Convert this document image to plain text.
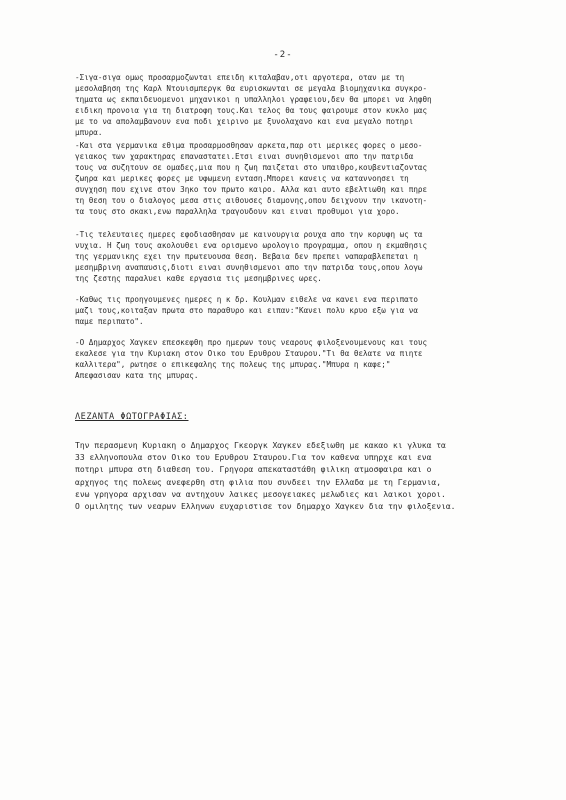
-2-
-Σιγα-σιγα ομως προσαρμοζωνται επειδη κιταλαβαν,οτι αργοτερα, οταν με τη
μεσολαβηση της Καρλ Ντουισμπεργκ θα ευρισκωνται σε μεγαλα βιομηχανικα συγκρο-
τηματα ως εκπαιδευομενοι μηχανικοι η υπαλληλοι γραφειου,δεν θα μπορει να ληφθη
ειδικη προνοια για τη διατροφη τους.Και τελος θα τους φαιρουμε στον κυκλο μας
με το να απολαμβανουν ενα ποδι χειρινο με ξυνολαχανο και ενα μεγαλο ποτηρι
μπυρα.
-Και στα γερμανικα εθιμα προσαρμοσθησαν αρκετα,παρ οτι μερικες φορες ο μεσο-
γειακος των χαρακτηρας επαναστατει.Ετσι ειναι συνηθισμενοι απο την πατριδα
τους να συζητουν σε ομαδες,μια που η ζωη παιζεται στο υπαιθρο,κουβεντιαζοντας
ζωηρα και μερικες φορες με υφωμενη ενταση.Μπορει κανεις να καταννοησει τη
συγχηση που εχινε στον 3ηκο τον πρωτο καιρο. Αλλα και αυτο εβελτιωθη και πηρε
τη θεση του ο διαλογος μεσα στις αιθουσες διαμονης,οπου δειχνουν την ικανοτη-
τα τους στο σκακι,ενω παραλληλα τραγουδουν και ειναι προθυμοι για χορο.
-Τις τελευταιες ημερες εφοδιασθησαν με καινουργια ρουχα απο την κορυφη ως τα
νυχια. Η ζωη τους ακολουθει ενα ορισμενο ωρολογιο προγραμμα, οπου η εκμαθησις
της γερμανικης εχει την πρωτευουσα θεση. Βεβαια δεν πρεπει ναπαραβλεπεται η
μεσημβρινη αναπαυσις,διοτι ειναι συνηθισμενοι απο την πατριδα τους,οπου λογω
της ζεστης παραλυει καθε εργασια τις μεσημβρινες ωρες.
-Καθως τις προηγουμενες ημερες η κ δρ. Κουλμαν ειθελε να κανει ενα περιπατο
μαζι τους,κοιταξαν πρωτα στο παραθυρο και ειπαν:"Κανει πολυ κρυο εξω για να
παμε περιπατο".
-Ο Δημαρχος Χαγκεν επεσκεφθη προ ημερων τους νεαρους φιλοξενουμενους και τους
εκαλεσε για την Κυριακη στον Οικο του Ερυθρου Σταυρου."Τι θα θελατε να πιητε
καλλιτερα", ρωτησε ο επικεφαλης της πολεως της μπυρας."Μπυρα η καφε;"
Απεφασισαν κατα της μπυρας.
ΛΕΖΑΝΤΑ ΦΩΤΟΓΡΑΦΙΑΣ:
Την περασμενη Κυριακη ο Δημαρχος Γκεοργκ Χαγκεν εδεξιωθη με κακαο κι γλυκα τα
33 ελληνοπουλα στον Οικο του Ερυθρου Σταυρου.Για τον καθενα υπηρχε και ενα
ποτηρι μπυρα στη διαθεση του. Γρηγορα απεκαταστάθη φιλικη ατμοσφαιρα και ο
αρχηγος της πολεως ανεφερθη στη φιλια που συνδεει την Ελλαδα με τη Γερμανια,
ενω γρηγορα αρχισαν να αντηχουν λαικες μεσογειακες μελωδιες και λαικοι χοροι.
Ο ομιλητης των νεαρων Ελληνων ευχαριστισε τον δημαρχο Χαγκεν δια την φιλοξενια.
